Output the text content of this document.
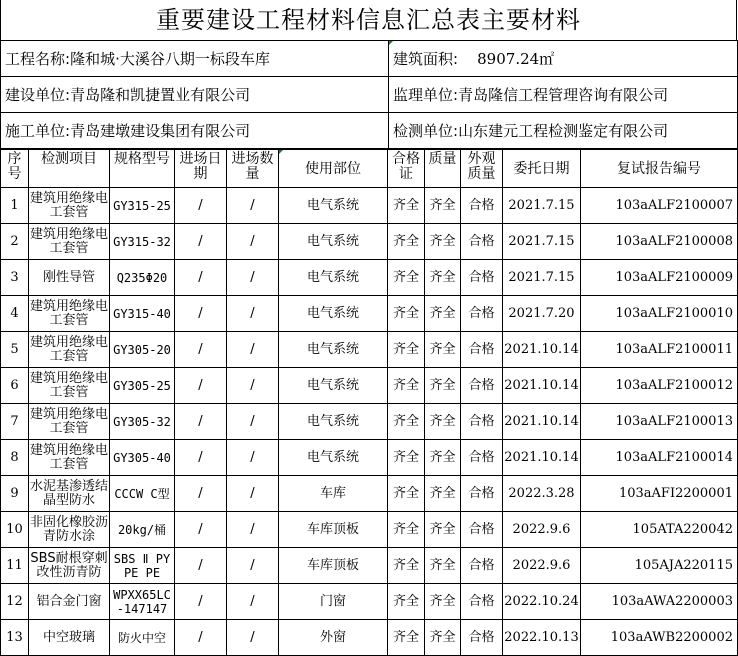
重要建设工程材料信息汇总表主要材料
工程名称:隆和城·大溪谷八期一标段车库	建筑面积: 8907.24㎡
建设单位:青岛隆和凯捷置业有限公司	监理单位:青岛隆信工程管理咨询有限公司
施工单位:青岛建墩建设集团有限公司	检测单位:山东建元工程检测鉴定有限公司
序号	检测项目	规格型号	进场日期	进场数量	使用部位	合格证	质量	外观质量	委托日期	复试报告编号
1	建筑用绝缘电工套管	GY315-25	/	/	电气系统	齐全	齐全	合格	2021.7.15	103aALF2100007
2	建筑用绝缘电工套管	GY315-32	/	/	电气系统	齐全	齐全	合格	2021.7.15	103aALF2100008
3	刚性导管	Q235Φ20	/	/	电气系统	齐全	齐全	合格	2021.7.15	103aALF2100009
4	建筑用绝缘电工套管	GY315-40	/	/	电气系统	齐全	齐全	合格	2021.7.20	103aALF2100010
5	建筑用绝缘电工套管	GY305-20	/	/	电气系统	齐全	齐全	合格	2021.10.14	103aALF2100011
6	建筑用绝缘电工套管	GY305-25	/	/	电气系统	齐全	齐全	合格	2021.10.14	103aALF2100012
7	建筑用绝缘电工套管	GY305-32	/	/	电气系统	齐全	齐全	合格	2021.10.14	103aALF2100013
8	建筑用绝缘电工套管	GY305-40	/	/	电气系统	齐全	齐全	合格	2021.10.14	103aALF2100014
9	水泥基渗透结晶型防水	CCCW C型	/	/	车库	齐全	齐全	合格	2022.3.28	103aAFI2200001
10	非固化橡胶沥青防水涂	20kg/桶	/	/	车库顶板	齐全	齐全	合格	2022.9.6	105ATA220042
11	SBS耐根穿刺改性沥青防	SBS Ⅱ PY PE PE	/	/	车库顶板	齐全	齐全	合格	2022.9.6	105AJA220115
12	铝合金门窗	WPXX65LC-147147	/	/	门窗	齐全	齐全	合格	2022.10.24	103aAWA2200003
13	中空玻璃	防火中空	/	/	外窗	齐全	齐全	合格	2022.10.13	103aAWB2200002
